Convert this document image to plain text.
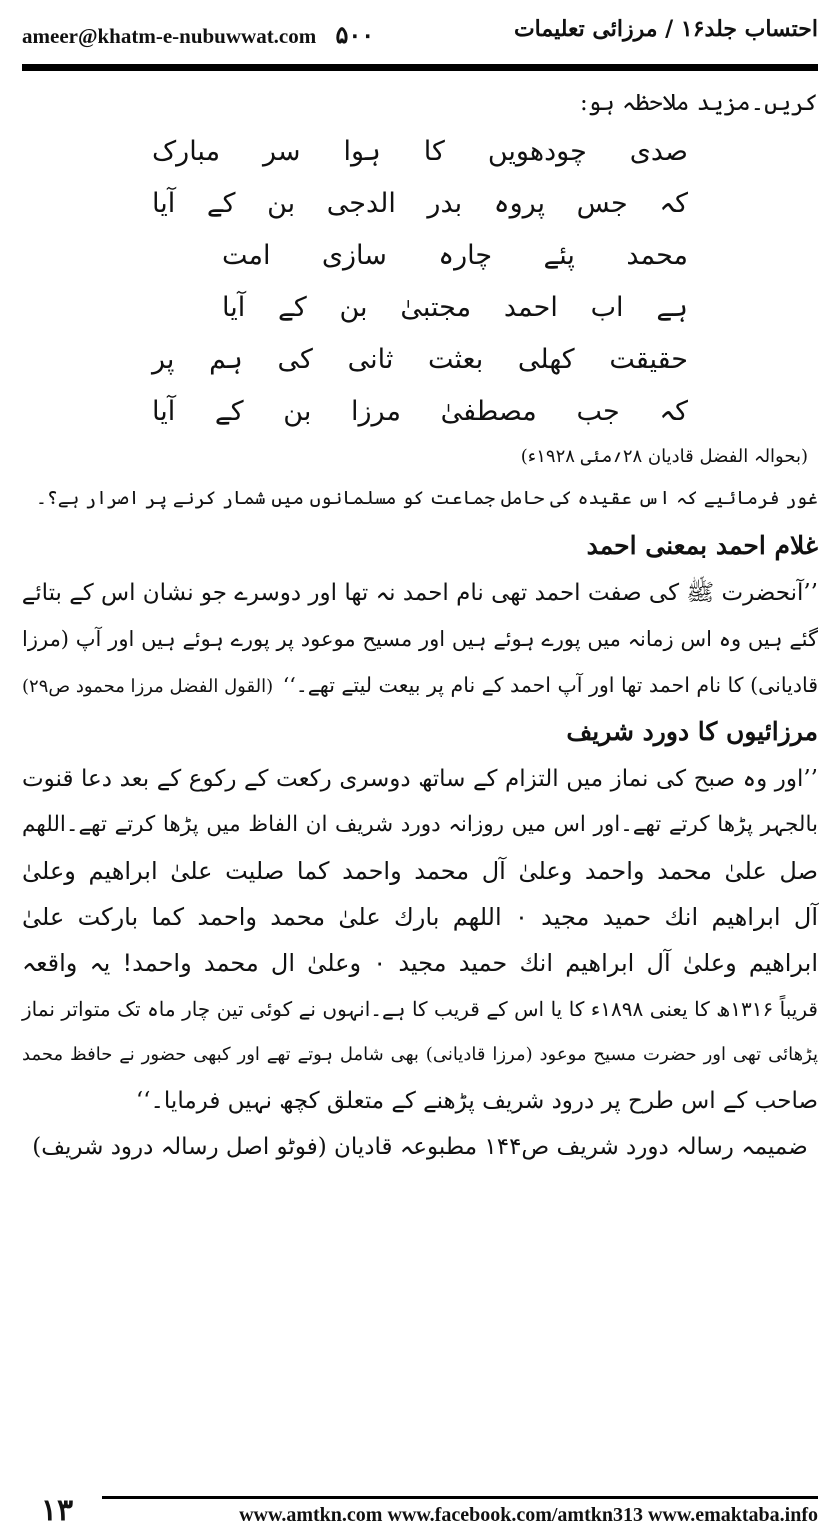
ameer@khatm-e-nubuwwat.com ۵۰۰	احتساب جلد۱۶ / مرزائی تعلیمات
کریں۔مزید ملاحظہ ہو:
صدی چودھویں کا ہوا سر مبارک
کہ جس پروہ بدر الدجی بن کے آیا
محمد پئے چارہ سازی امت
ہے اب احمد مجتبیٰ بن کے آیا
حقیقت کھلی بعثت ثانی کی ہم پر
کہ جب مصطفیٰ مرزا بن کے آیا
(بحوالہ الفضل قادیان ۲۸؍مئی ۱۹۲۸ء)
غور فرمائیے کہ اس عقیدہ کی حامل جماعت کو مسلمانوں میں شمار کرنے پر اصرار ہے؟۔
غلام احمد بمعنی احمد
’’آنحضرت ﷺ کی صفت احمد تھی نام احمد نہ تھا اور دوسرے جو نشان اس کے بتائے
گئے ہیں وہ اس زمانہ میں پورے ہوئے ہیں اور مسیح موعود پر پورے ہوئے ہیں اور آپ (مرزا
قادیانی) کا نام احمد تھا اور آپ احمد کے نام پر بیعت لیتے تھے۔‘‘
(القول الفضل مرزا محمود ص۲۹)
مرزائیوں کا دورد شریف
’’اور وہ صبح کی نماز میں التزام کے ساتھ دوسری رکعت کے رکوع کے بعد دعا قنوت
بالجہر پڑھا کرتے تھے۔اور اس میں روزانہ دورد شریف ان الفاظ میں پڑھا کرتے تھے۔اللھم
صل علیٰ محمد واحمد وعلیٰ آل محمد واحمد کما صلیت علیٰ ابراھیم وعلیٰ
آل ابراھیم انك حمید مجید ۰ اللھم بارك علیٰ محمد واحمد کما بارکت علیٰ
ابراھیم وعلیٰ آل ابراھیم انك حمید مجید ۰ وعلیٰ ال محمد واحمد! یہ واقعہ
قریباً ۱۳۱۶ھ کا یعنی ۱۸۹۸ء کا یا اس کے قریب کا ہے۔انہوں نے کوئی تین چار ماہ تک متواتر نماز
پڑھائی تھی اور حضرت مسیح موعود (مرزا قادیانی) بھی شامل ہوتے تھے اور کبھی حضور نے حافظ محمد
صاحب کے اس طرح پر درود شریف پڑھنے کے متعلق کچھ نہیں فرمایا۔‘‘
ضمیمہ رسالہ دورد شریف ص۱۴۴ مطبوعہ قادیان (فوٹو اصل رسالہ درود شریف)
۱۳	www.amtkn.com www.facebook.com/amtkn313 www.emaktaba.info
